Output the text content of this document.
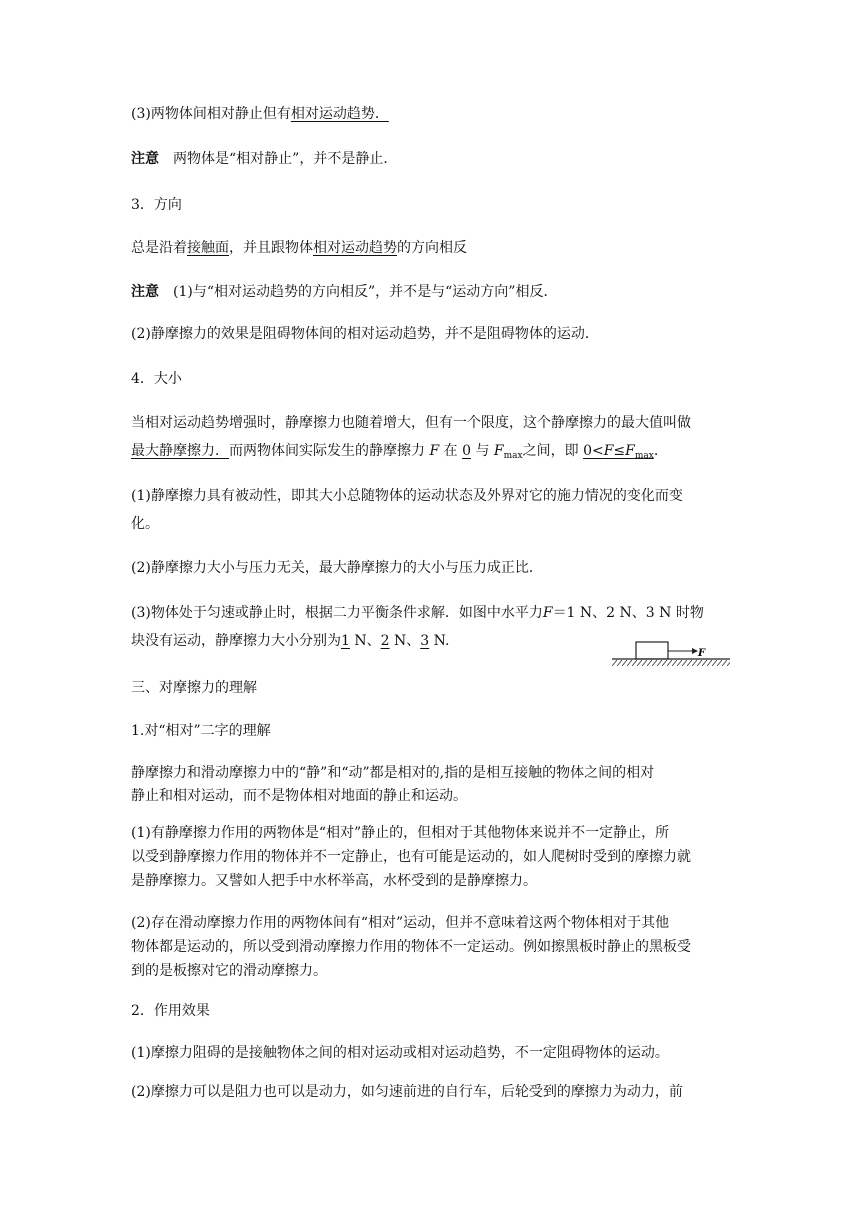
(3)两物体间相对静止但有相对运动趋势．
注意 两物体是“相对静止”，并不是静止．
3．方向
总是沿着接触面，并且跟物体相对运动趋势的方向相反
注意 (1)与“相对运动趋势的方向相反”，并不是与“运动方向”相反．
(2)静摩擦力的效果是阻碍物体间的相对运动趋势，并不是阻碍物体的运动．
4．大小
当相对运动趋势增强时，静摩擦力也随着增大，但有一个限度，这个静摩擦力的最大值叫做
最大静摩擦力．而两物体间实际发生的静摩擦力 F 在 0 与 $F_{max}$之间，即 $0<F\le F_{max}$.
(1)静摩擦力具有被动性，即其大小总随物体的运动状态及外界对它的施力情况的变化而变
化。
(2)静摩擦力大小与压力无关，最大静摩擦力的大小与压力成正比．
(3)物体处于匀速或静止时，根据二力平衡条件求解．如图中水平力F＝1 N、2 N、3 N 时物
块没有运动，静摩擦力大小分别为1 N、2 N、3 N.
F
三、对摩擦力的理解
1.对“相对”二字的理解
静摩擦力和滑动摩擦力中的“静”和“动”都是相对的,指的是相互接触的物体之间的相对
静止和相对运动，而不是物体相对地面的静止和运动。
(1)有静摩擦力作用的两物体是“相对”静止的，但相对于其他物体来说并不一定静止，所
以受到静摩擦力作用的物体并不一定静止，也有可能是运动的，如人爬树时受到的摩擦力就
是静摩擦力。又譬如人把手中水杯举高，水杯受到的是静摩擦力。
(2)存在滑动摩擦力作用的两物体间有“相对”运动，但并不意味着这两个物体相对于其他
物体都是运动的，所以受到滑动摩擦力作用的物体不一定运动。例如擦黑板时静止的黑板受
到的是板擦对它的滑动摩擦力。
2．作用效果
(1)摩擦力阻碍的是接触物体之间的相对运动或相对运动趋势，不一定阻碍物体的运动。
(2)摩擦力可以是阻力也可以是动力，如匀速前进的自行车，后轮受到的摩擦力为动力，前
